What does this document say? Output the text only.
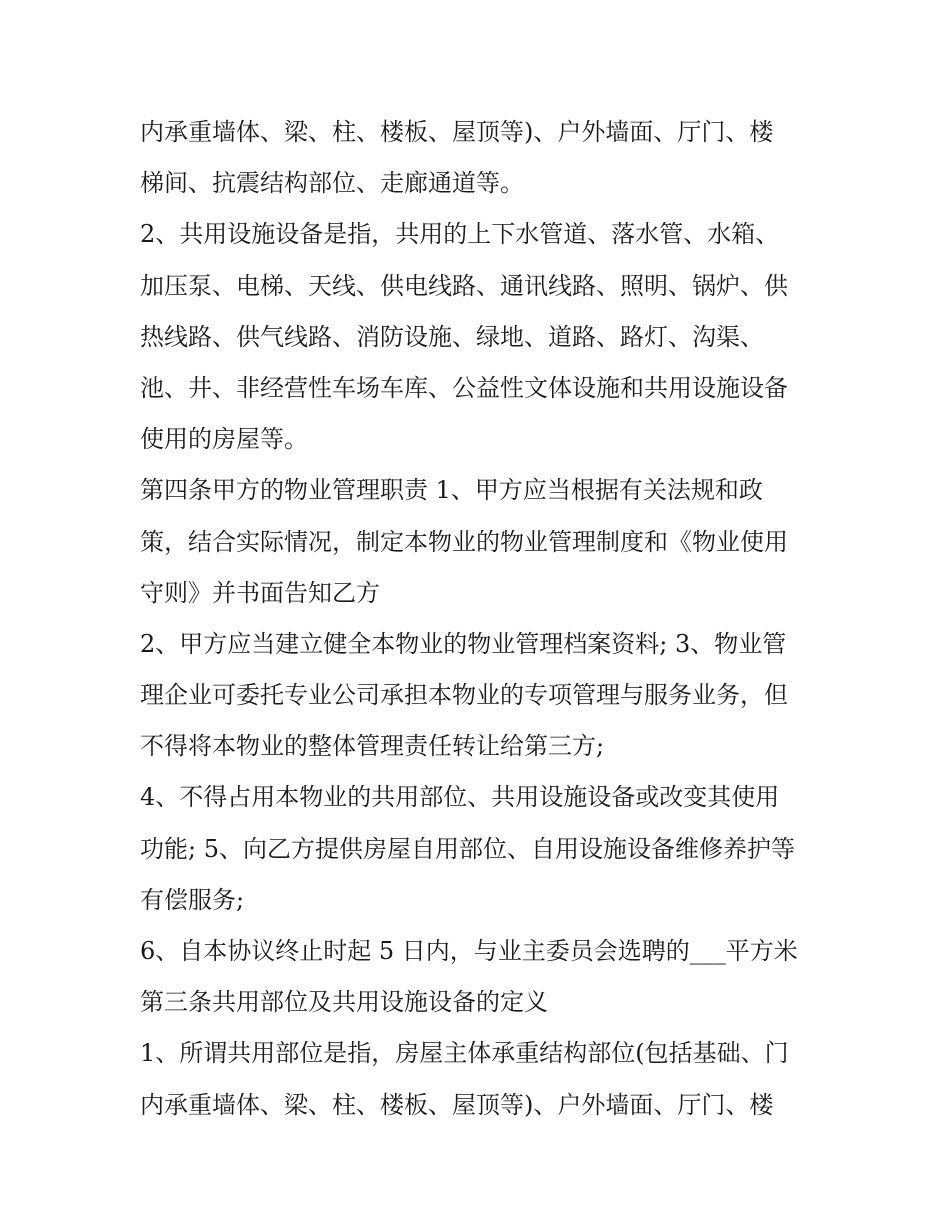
内承重墙体、梁、柱、楼板、屋顶等)、户外墙面、厅门、楼
梯间、抗震结构部位、走廊通道等。
2、共用设施设备是指，共用的上下水管道、落水管、水箱、
加压泵、电梯、天线、供电线路、通讯线路、照明、锅炉、供
热线路、供气线路、消防设施、绿地、道路、路灯、沟渠、
池、井、非经营性车场车库、公益性文体设施和共用设施设备
使用的房屋等。
第四条甲方的物业管理职责 1、甲方应当根据有关法规和政
策，结合实际情况，制定本物业的物业管理制度和《物业使用
守则》并书面告知乙方
2、甲方应当建立健全本物业的物业管理档案资料; 3、物业管
理企业可委托专业公司承担本物业的专项管理与服务业务，但
不得将本物业的整体管理责任转让给第三方;
4、不得占用本物业的共用部位、共用设施设备或改变其使用
功能; 5、向乙方提供房屋自用部位、自用设施设备维修养护等
有偿服务;
6、自本协议终止时起 5 日内，与业主委员会选聘的___平方米
第三条共用部位及共用设施设备的定义
1、所谓共用部位是指，房屋主体承重结构部位(包括基础、门
内承重墙体、梁、柱、楼板、屋顶等)、户外墙面、厅门、楼
